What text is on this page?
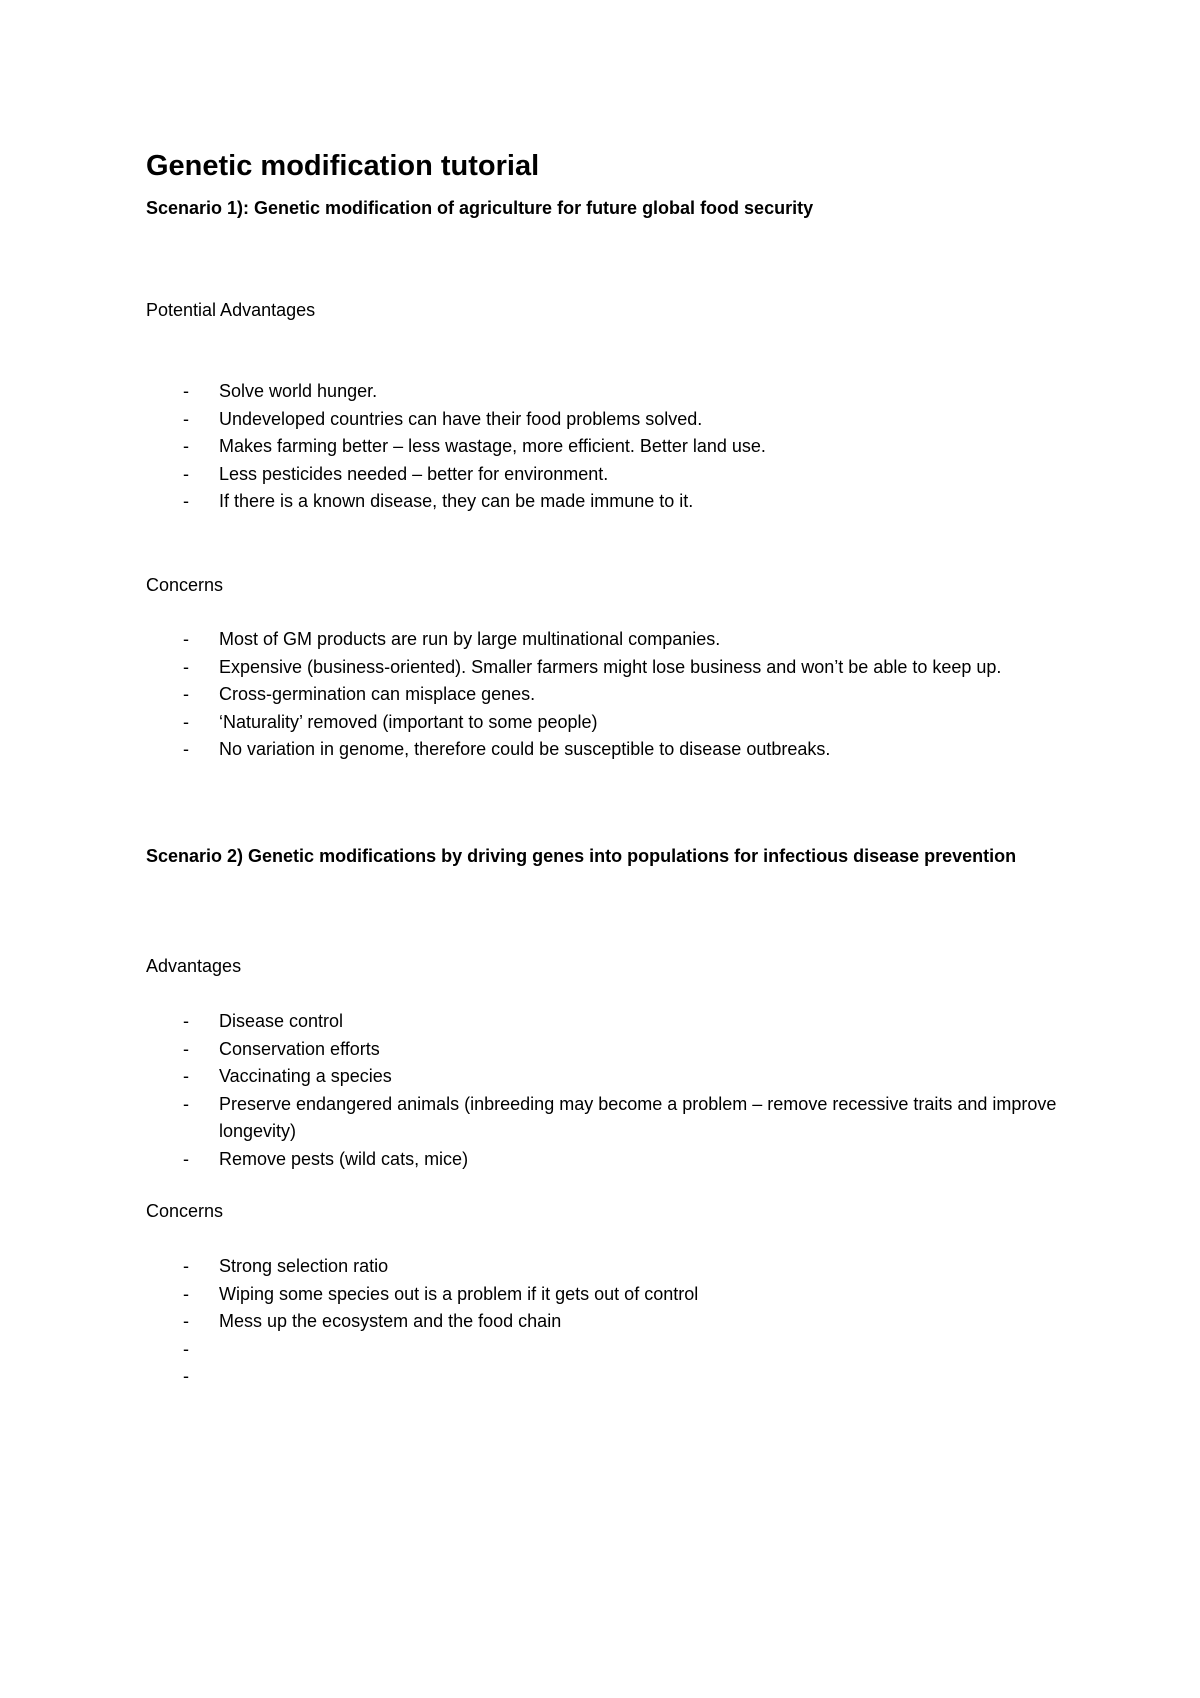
Genetic modification tutorial
Scenario 1): Genetic modification of agriculture for future global food security

Potential Advantages

-	Solve world hunger.
-	Undeveloped countries can have their food problems solved.
-	Makes farming better – less wastage, more efficient. Better land use.
-	Less pesticides needed – better for environment.
-	If there is a known disease, they can be made immune to it.

Concerns

-	Most of GM products are run by large multinational companies.
-	Expensive (business-oriented). Smaller farmers might lose business and won’t be able to keep up.
-	Cross-germination can misplace genes.
-	‘Naturality’ removed (important to some people)
-	No variation in genome, therefore could be susceptible to disease outbreaks.
Scenario 2) Genetic modifications by driving genes into populations for infectious disease prevention

Advantages

-	Disease control
-	Conservation efforts
-	Vaccinating a species
-	Preserve endangered animals (inbreeding may become a problem – remove recessive traits and improve longevity)
-	Remove pests (wild cats, mice)

Concerns

-	Strong selection ratio
-	Wiping some species out is a problem if it gets out of control
-	Mess up the ecosystem and the food chain
-
-
